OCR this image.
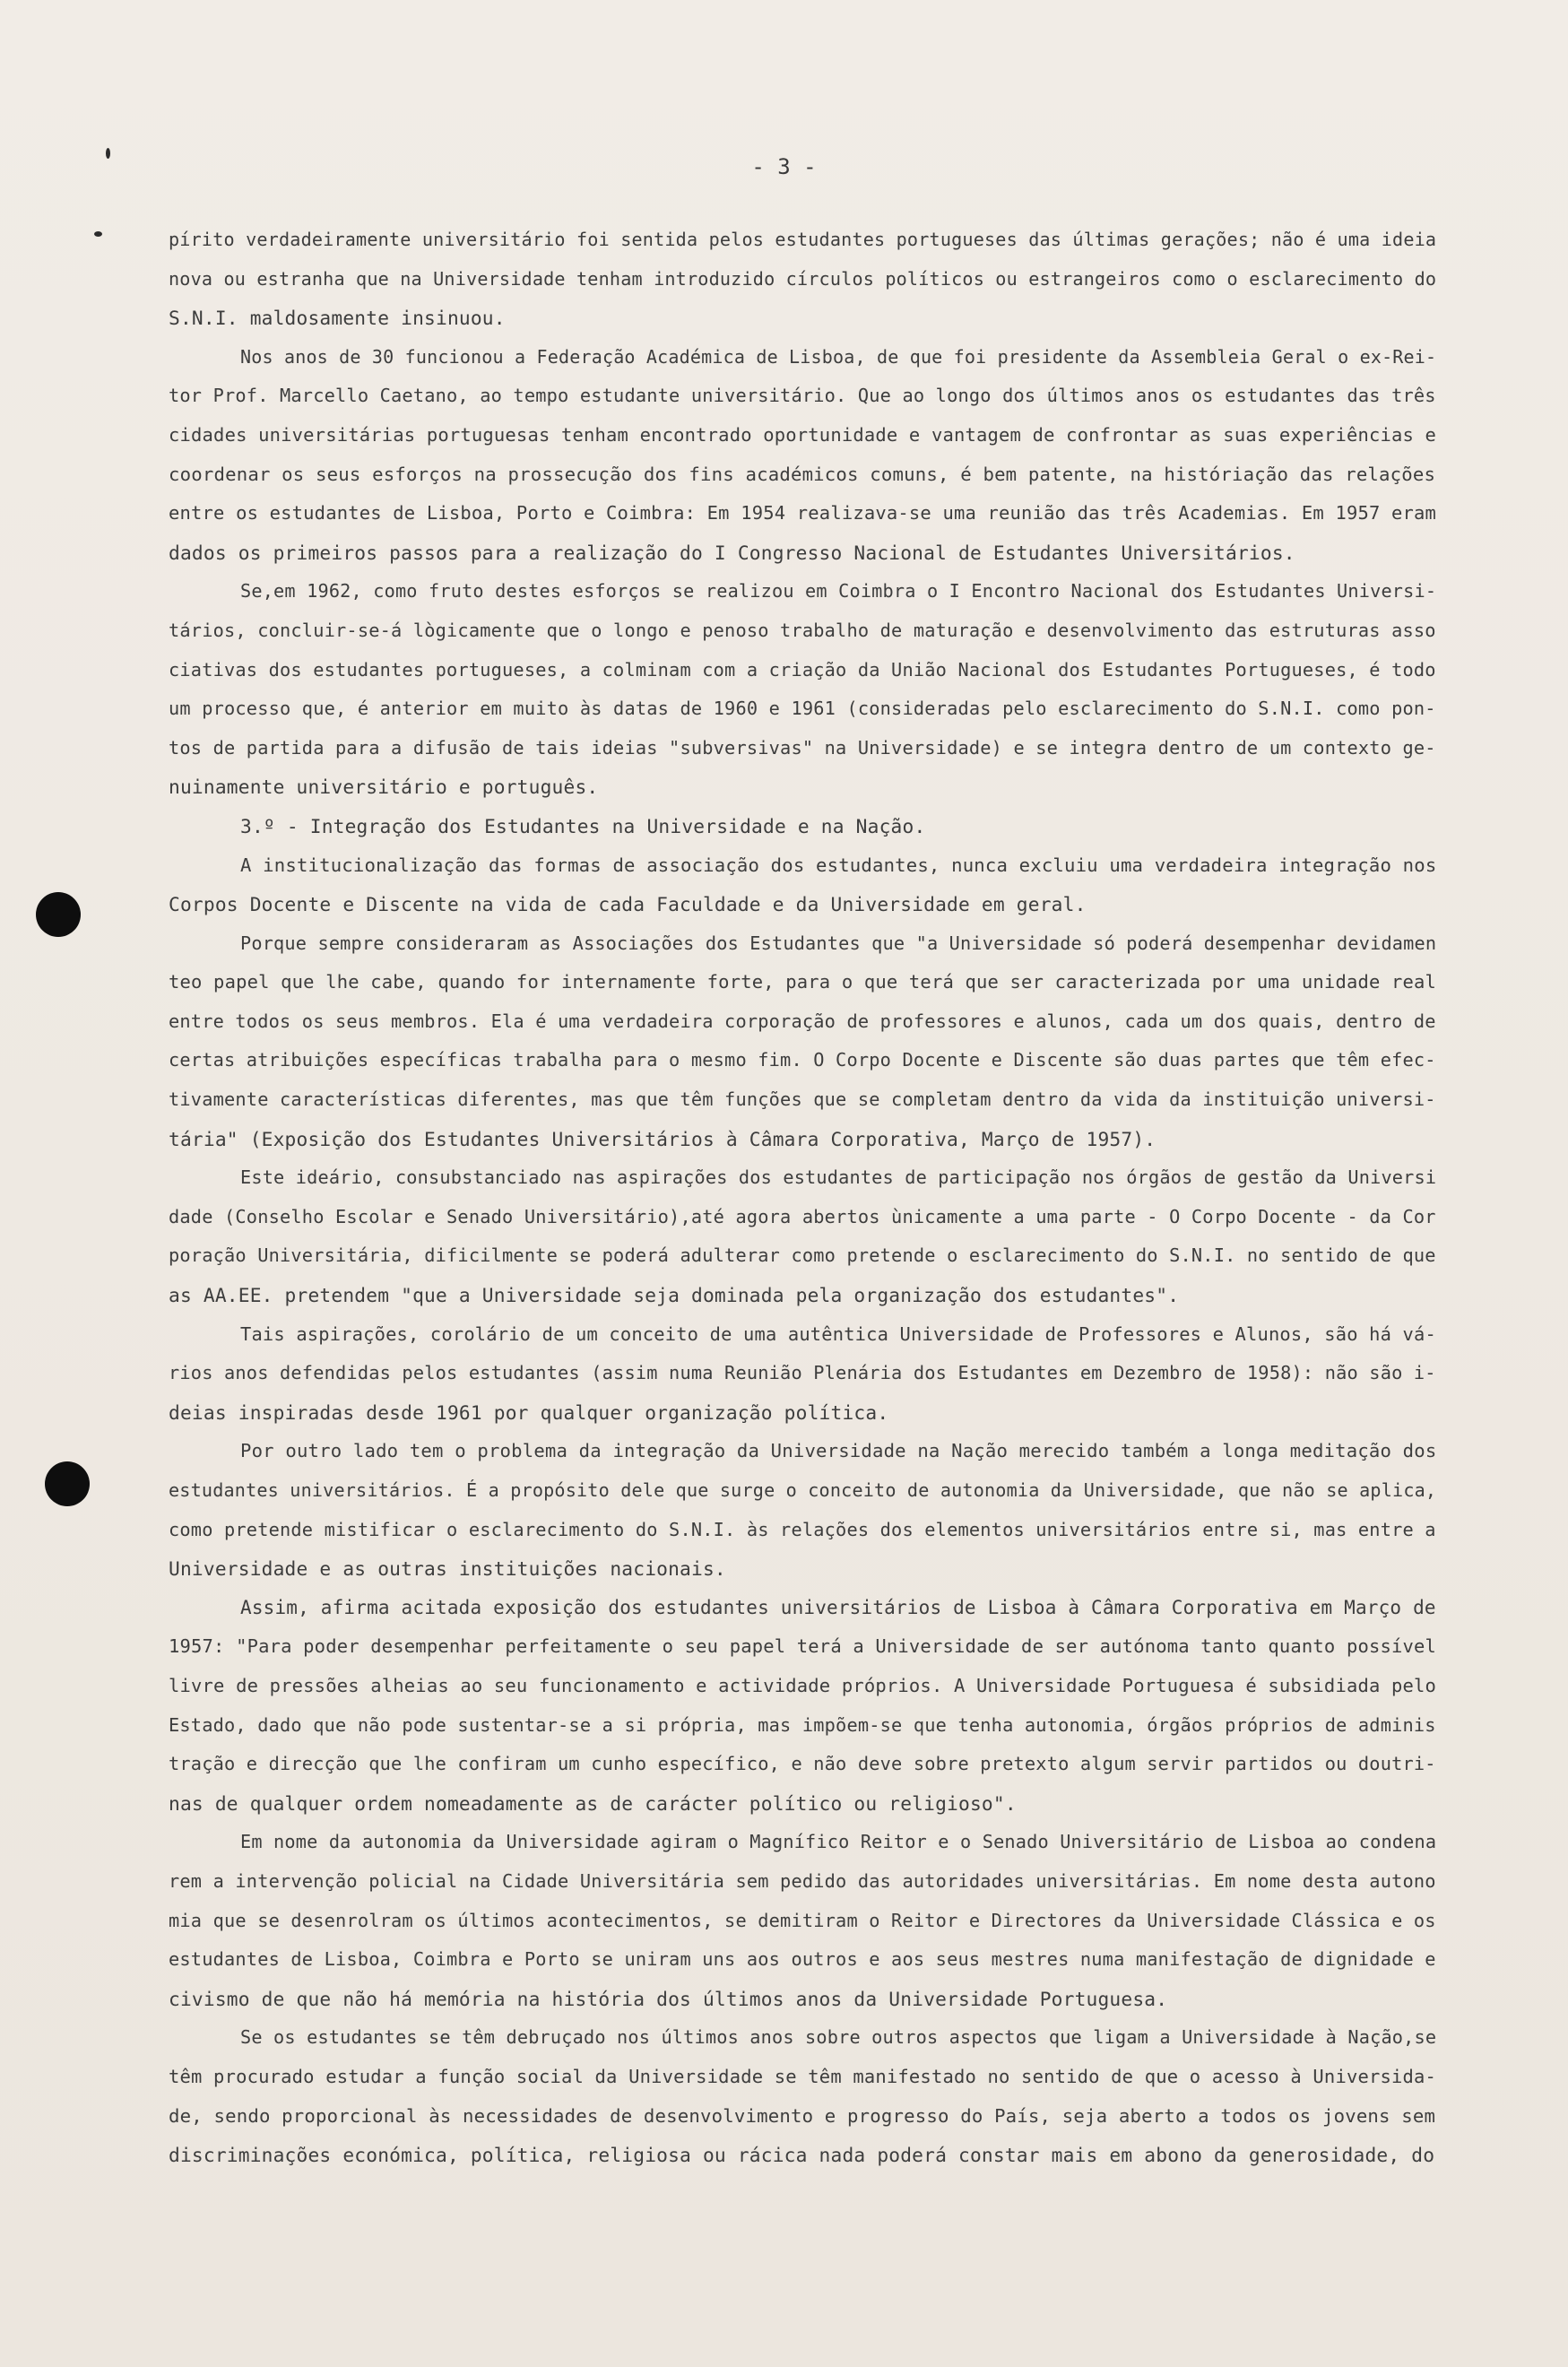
- 3 -
pírito verdadeiramente universitário foi sentida pelos estudantes portugueses das últimas gerações; não é uma ideia
nova ou estranha que na Universidade tenham introduzido círculos políticos ou estrangeiros como o esclarecimento do
S.N.I. maldosamente insinuou.
Nos anos de 30 funcionou a Federação Académica de Lisboa, de que foi presidente da Assembleia Geral o ex-Rei-
tor Prof. Marcello Caetano, ao tempo estudante universitário. Que ao longo dos últimos anos os estudantes das três
cidades universitárias portuguesas tenham encontrado oportunidade e vantagem de confrontar as suas experiências e
coordenar os seus esforços na prossecução dos fins académicos comuns, é bem patente, na históriação das relações
entre os estudantes de Lisboa, Porto e Coimbra: Em 1954 realizava-se uma reunião das três Academias. Em 1957 eram
dados os primeiros passos para a realização do I Congresso Nacional de Estudantes Universitários.
Se,em 1962, como fruto destes esforços se realizou em Coimbra o I Encontro Nacional dos Estudantes Universi-
tários, concluir-se-á lògicamente que o longo e penoso trabalho de maturação e desenvolvimento das estruturas asso
ciativas dos estudantes portugueses, a colminam com a criação da União Nacional dos Estudantes Portugueses, é todo
um processo que, é anterior em muito às datas de 1960 e 1961 (consideradas pelo esclarecimento do S.N.I. como pon-
tos de partida para a difusão de tais ideias "subversivas" na Universidade) e se integra dentro de um contexto ge-
nuinamente universitário e português.
3.º - Integração dos Estudantes na Universidade e na Nação.
A institucionalização das formas de associação dos estudantes, nunca excluiu uma verdadeira integração nos
Corpos Docente e Discente na vida de cada Faculdade e da Universidade em geral.
Porque sempre consideraram as Associações dos Estudantes que "a Universidade só poderá desempenhar devidamen
teo papel que lhe cabe, quando for internamente forte, para o que terá que ser caracterizada por uma unidade real
entre todos os seus membros. Ela é uma verdadeira corporação de professores e alunos, cada um dos quais, dentro de
certas atribuições específicas trabalha para o mesmo fim. O Corpo Docente e Discente são duas partes que têm efec-
tivamente características diferentes, mas que têm funções que se completam dentro da vida da instituição universi-
tária" (Exposição dos Estudantes Universitários à Câmara Corporativa, Março de 1957).
Este ideário, consubstanciado nas aspirações dos estudantes de participação nos órgãos de gestão da Universi
dade (Conselho Escolar e Senado Universitário),até agora abertos ùnicamente a uma parte - O Corpo Docente - da Cor
poração Universitária, dificilmente se poderá adulterar como pretende o esclarecimento do S.N.I. no sentido de que
as AA.EE. pretendem "que a Universidade seja dominada pela organização dos estudantes".
Tais aspirações, corolário de um conceito de uma autêntica Universidade de Professores e Alunos, são há vá-
rios anos defendidas pelos estudantes (assim numa Reunião Plenária dos Estudantes em Dezembro de 1958): não são i-
deias inspiradas desde 1961 por qualquer organização política.
Por outro lado tem o problema da integração da Universidade na Nação merecido também a longa meditação dos
estudantes universitários. É a propósito dele que surge o conceito de autonomia da Universidade, que não se aplica,
como pretende mistificar o esclarecimento do S.N.I. às relações dos elementos universitários entre si, mas entre a
Universidade e as outras instituições nacionais.
Assim, afirma acitada exposição dos estudantes universitários de Lisboa à Câmara Corporativa em Março de
1957: "Para poder desempenhar perfeitamente o seu papel terá a Universidade de ser autónoma tanto quanto possível
livre de pressões alheias ao seu funcionamento e actividade próprios. A Universidade Portuguesa é subsidiada pelo
Estado, dado que não pode sustentar-se a si própria, mas impõem-se que tenha autonomia, órgãos próprios de adminis
tração e direcção que lhe confiram um cunho específico, e não deve sobre pretexto algum servir partidos ou doutri-
nas de qualquer ordem nomeadamente as de carácter político ou religioso".
Em nome da autonomia da Universidade agiram o Magnífico Reitor e o Senado Universitário de Lisboa ao condena
rem a intervenção policial na Cidade Universitária sem pedido das autoridades universitárias. Em nome desta autono
mia que se desenrolram os últimos acontecimentos, se demitiram o Reitor e Directores da Universidade Clássica e os
estudantes de Lisboa, Coimbra e Porto se uniram uns aos outros e aos seus mestres numa manifestação de dignidade e
civismo de que não há memória na história dos últimos anos da Universidade Portuguesa.
Se os estudantes se têm debruçado nos últimos anos sobre outros aspectos que ligam a Universidade à Nação,se
têm procurado estudar a função social da Universidade se têm manifestado no sentido de que o acesso à Universida-
de, sendo proporcional às necessidades de desenvolvimento e progresso do País, seja aberto a todos os jovens sem
discriminações económica, política, religiosa ou rácica nada poderá constar mais em abono da generosidade, do
